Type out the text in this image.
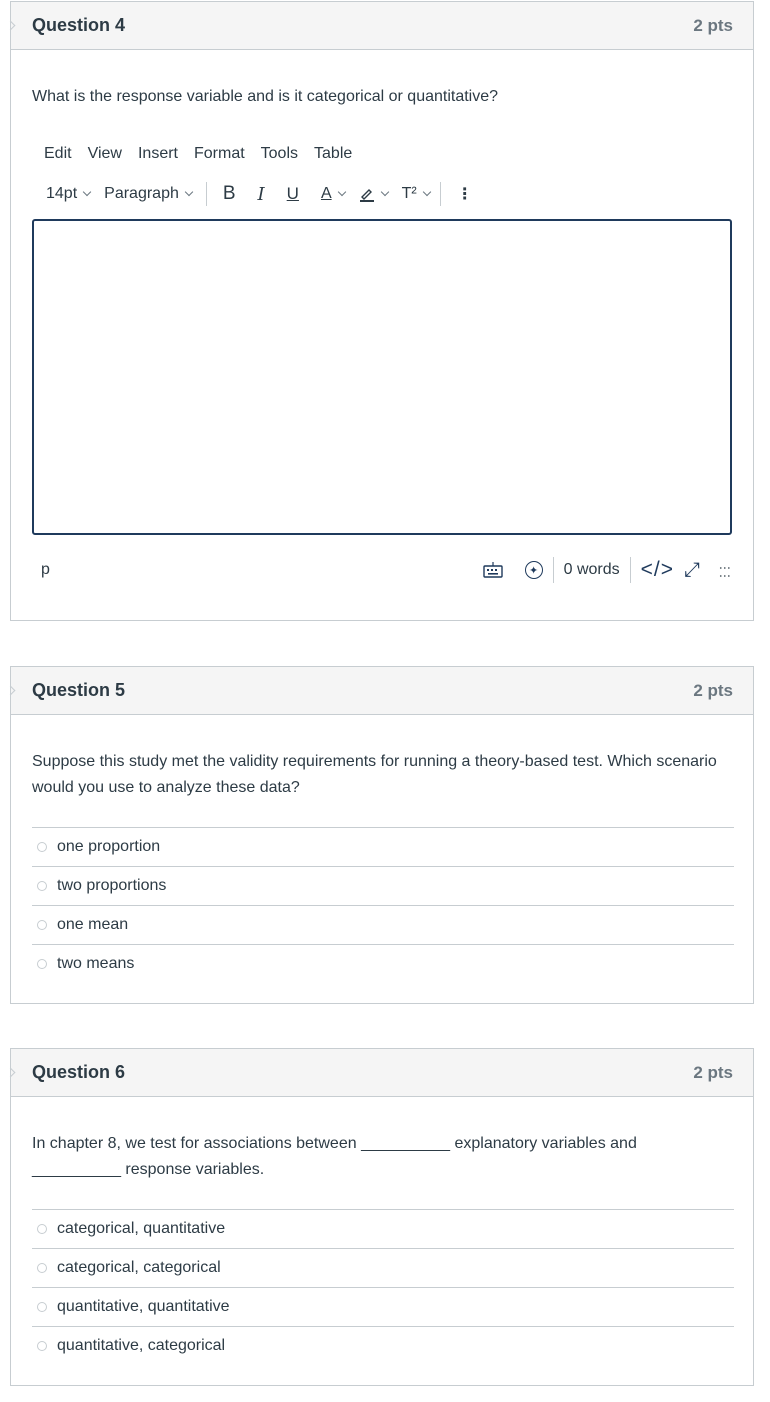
Question 4	2 pts
What is the response variable and is it categorical or quantitative?
Edit View Insert Format Tools Table
14pt Paragraph B I U A	T²	⋮
p	✦ 0 words </> ⤢ ⋮⋮
Question 5	2 pts
Suppose this study met the validity requirements for running a theory-based test. Which scenario would you use to analyze these data?
one proportion
two proportions
one mean
two means
Question 6	2 pts
In chapter 8, we test for associations between __________ explanatory variables and __________ response variables.
categorical, quantitative
categorical, categorical
quantitative, quantitative
quantitative, categorical
